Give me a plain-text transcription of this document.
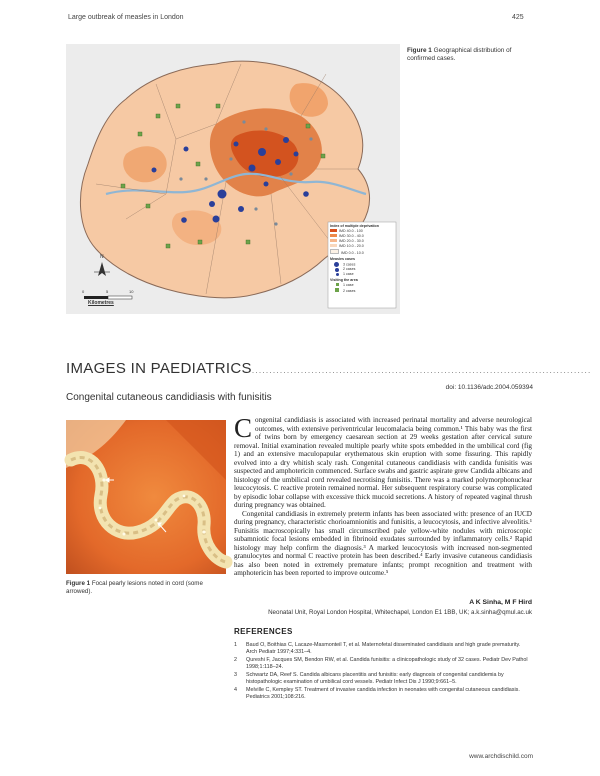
Large outbreak of measles in London	425
Index of multiple deprivation
IMD 40.0 - 100
IMD 30.0 - 40.0
IMD 20.0 - 30.0
IMD 10.0 - 20.0
IMD 0.0 - 10.0
Measles cases
3 cases
2 cases
1 case
Visiting the area
1 case
2 cases
N
0	5	10
Kilometres
Figure 1 Geographical distribution of confirmed cases.
IMAGES IN PAEDIATRICS.................................................................................................
doi: 10.1136/adc.2004.059394
Congenital cutaneous candidiasis with funisitis
Figure 1 Focal pearly lesions noted in cord (some arrowed).

Congenital candidiasis is associated with increased perinatal mortality and adverse neurological outcomes, with extensive periventricular leucomalacia being common.¹ This baby was the first of twins born by emergency caesarean section at 29 weeks gestation after cervical suture removal. Initial examination revealed multiple pearly white spots embedded in the umbilical cord (fig 1) and an extensive maculopapular erythematous skin eruption with some fissuring. This rapidly evolved into a dry whitish scaly rash. Congenital cutaneous candidiasis with candida funisitis was suspected and amphotericin commenced. Surface swabs and gastric aspirate grew Candida albicans and histology of the umbilical cord revealed necrotising funisitis. There was a marked polymorphonuclear leucocytosis. C reactive protein remained normal. Her subsequent respiratory course was complicated by episodic lobar collapse with excessive thick mucoid secretions. A history of repeated vaginal thrush during pregnancy was obtained.

Congenital candidiasis in extremely preterm infants has been associated with: presence of an IUCD during pregnancy, characteristic chorioamnionitis and funisitis, a leucocytosis, and infective alveolitis.¹ Funisitis macroscopically has small circumscribed pale yellow-white nodules with microscopic subamniotic focal lesions embedded in fibrinoid exudates surrounded by inflammatory cells.² Rapid histology may help confirm the diagnosis.³ A marked leucocytosis with increased non-segmented granulocytes and normal C reactive protein has been described.⁴ Early invasive cutaneous candidiasis has also been noted in extremely premature infants; prompt recognition and treatment with amphotericin has been reported to improve outcome.⁵

A K Sinha, M F Hird
Neonatal Unit, Royal London Hospital, Whitechapel, London E1 1BB, UK; a.k.sinha@qmul.ac.uk
REFERENCES
1	Baud O, Boithias C, Lacaze-Masmonteil T, et al. Maternofetal disseminated candidiasis and high grade prematurity. Arch Pediatr 1997;4:331–4.
2	Qureshi F, Jacques SM, Bendon RW, et al. Candida funisitis: a clinicopathologic study of 32 cases. Pediatr Dev Pathol 1998;1:118–24.
3	Schwartz DA, Reef S. Candida albicans placentitis and funisitis: early diagnosis of congenital candidemia by histopathologic examination of umbilical cord vessels. Pediatr Infect Dis J 1990;9:661–5.
4	Melville C, Kempley ST. Treatment of invasive candida infection in neonates with congenital cutaneous candidiasis. Pediatrics 2001;108:216.
www.archdischild.com
